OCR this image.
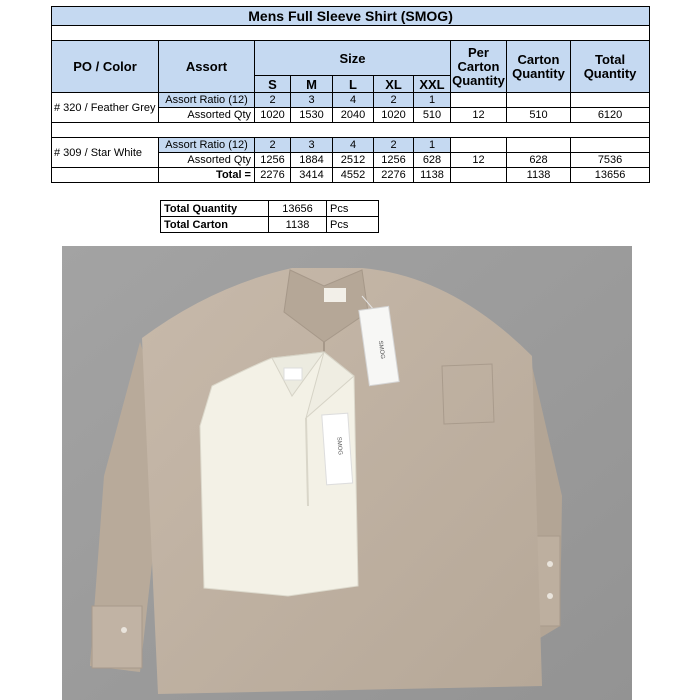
Mens Full Sleeve Shirt (SMOG)									

PO / Color	Assort	Size					Per Carton Quantity	Carton Quantity	Total Quantity
		S	M	L	XL	XXL			
# 320 / Feather Grey	Assort Ratio (12)	2	3	4	2	1			
	Assorted Qty	1020	1530	2040	1020	510	12	510	6120

# 309 / Star White	Assort Ratio (12)	2	3	4	2	1			
	Assorted Qty	1256	1884	2512	1256	628	12	628	7536
	Total =	2276	3414	4552	2276	1138		1138	13656
Total Quantity	13656	Pcs
Total Carton	1138	Pcs
SMOG
SMOG
